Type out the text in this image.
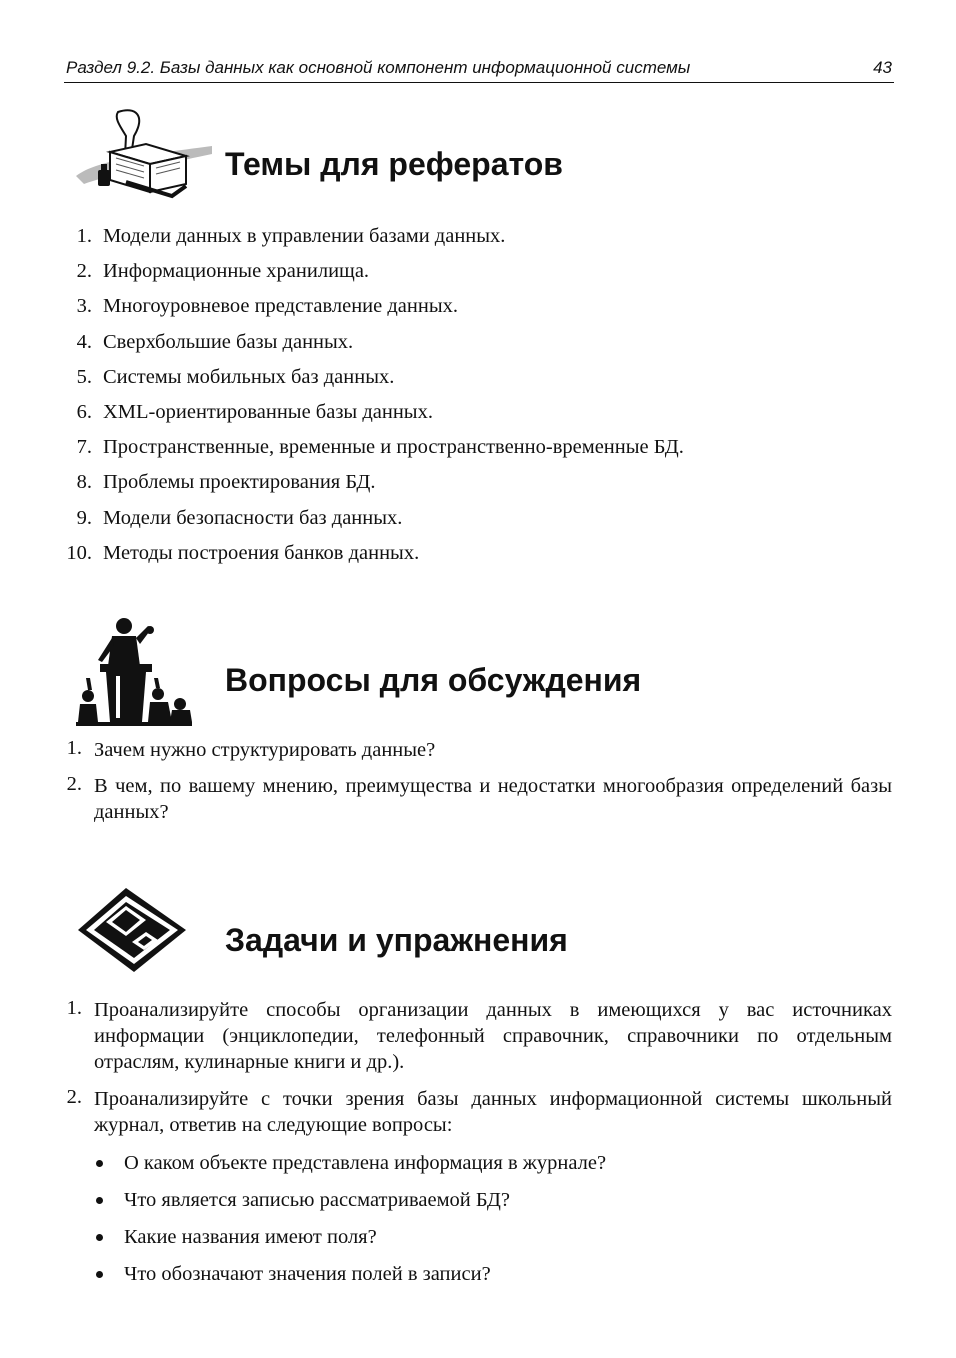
Раздел 9.2. Базы данных как основной компонент информационной системы	43
Темы для рефератов
1. Модели данных в управлении базами данных.
2. Информационные хранилища.
3. Многоуровневое представление данных.
4. Сверхбольшие базы данных.
5. Системы мобильных баз данных.
6. XML-ориентированные базы данных.
7. Пространственные, временные и пространственно-временные БД.
8. Проблемы проектирования БД.
9. Модели безопасности баз данных.
10. Методы построения банков данных.
Вопросы для обсуждения
1. Зачем нужно структурировать данные?
2. В чем, по вашему мнению, преимущества и недостатки многообразия определений базы данных?
Задачи и упражнения
1. Проанализируйте способы организации данных в имеющихся у вас источниках информации (энциклопедии, телефонный справочник, справочники по отдельным отраслям, кулинарные книги и др.).
2. Проанализируйте с точки зрения базы данных информационной системы школьный журнал, ответив на следующие вопросы:
О каком объекте представлена информация в журнале?
Что является записью рассматриваемой БД?
Какие названия имеют поля?
Что обозначают значения полей в записи?
